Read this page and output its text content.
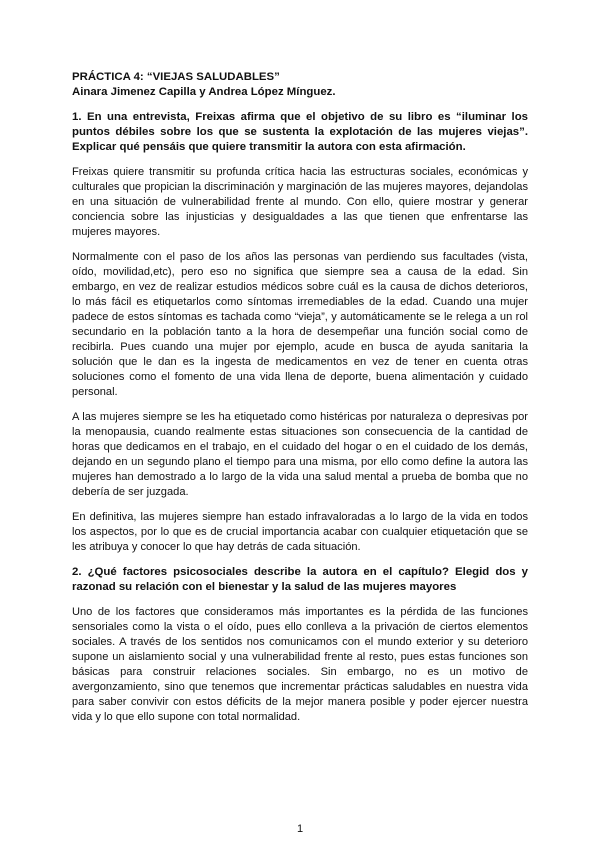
PRÁCTICA 4: “VIEJAS SALUDABLES”

Ainara Jimenez Capilla y Andrea López Mínguez.

1. En una entrevista, Freixas afirma que el objetivo de su libro es “iluminar los puntos débiles sobre los que se sustenta la explotación de las mujeres viejas”. Explicar qué pensáis que quiere transmitir la autora con esta afirmación.

Freixas quiere transmitir su profunda crítica hacia las estructuras sociales, económicas y culturales que propician la discriminación y marginación de las mujeres mayores, dejandolas en una situación de vulnerabilidad frente al mundo. Con ello, quiere mostrar y generar conciencia sobre las injusticias y desigualdades a las que tienen que enfrentarse las mujeres mayores.

Normalmente con el paso de los años las personas van perdiendo sus facultades (vista, oído, movilidad,etc), pero eso no significa que siempre sea a causa de la edad. Sin embargo, en vez de realizar estudios médicos sobre cuál es la causa de dichos deterioros, lo más fácil es etiquetarlos como síntomas irremediables de la edad. Cuando una mujer padece de estos síntomas es tachada como “vieja”, y automáticamente se le relega a un rol secundario en la población tanto a la hora de desempeñar una función social como de recibirla. Pues cuando una mujer por ejemplo, acude en busca de ayuda sanitaria la solución que le dan es la ingesta de medicamentos en vez de tener en cuenta otras soluciones como el fomento de una vida llena de deporte, buena alimentación y cuidado personal.

A las mujeres siempre se les ha etiquetado como histéricas por naturaleza o depresivas por la menopausia, cuando realmente estas situaciones son consecuencia de la cantidad de horas que dedicamos en el trabajo, en el cuidado del hogar o en el cuidado de los demás, dejando en un segundo plano el tiempo para una misma, por ello como define la autora las mujeres han demostrado a lo largo de la vida una salud mental a prueba de bomba que no debería de ser juzgada.

En definitiva, las mujeres siempre han estado infravaloradas a lo largo de la vida en todos los aspectos, por lo que es de crucial importancia acabar con cualquier etiquetación que se les atribuya y conocer lo que hay detrás de cada situación.

2. ¿Qué factores psicosociales describe la autora en el capítulo? Elegid dos y razonad su relación con el bienestar y la salud de las mujeres mayores

Uno de los factores que consideramos más importantes es la pérdida de las funciones sensoriales como la vista o el oído, pues ello conlleva a la privación de ciertos elementos sociales. A través de los sentidos nos comunicamos con el mundo exterior y su deterioro supone un aislamiento social y una vulnerabilidad frente al resto, pues estas funciones son básicas para construir relaciones sociales. Sin embargo, no es un motivo de avergonzamiento, sino que tenemos que incrementar prácticas saludables en nuestra vida para saber convivir con estos déficits de la mejor manera posible y poder ejercer nuestra vida y lo que ello supone con total normalidad.

1
